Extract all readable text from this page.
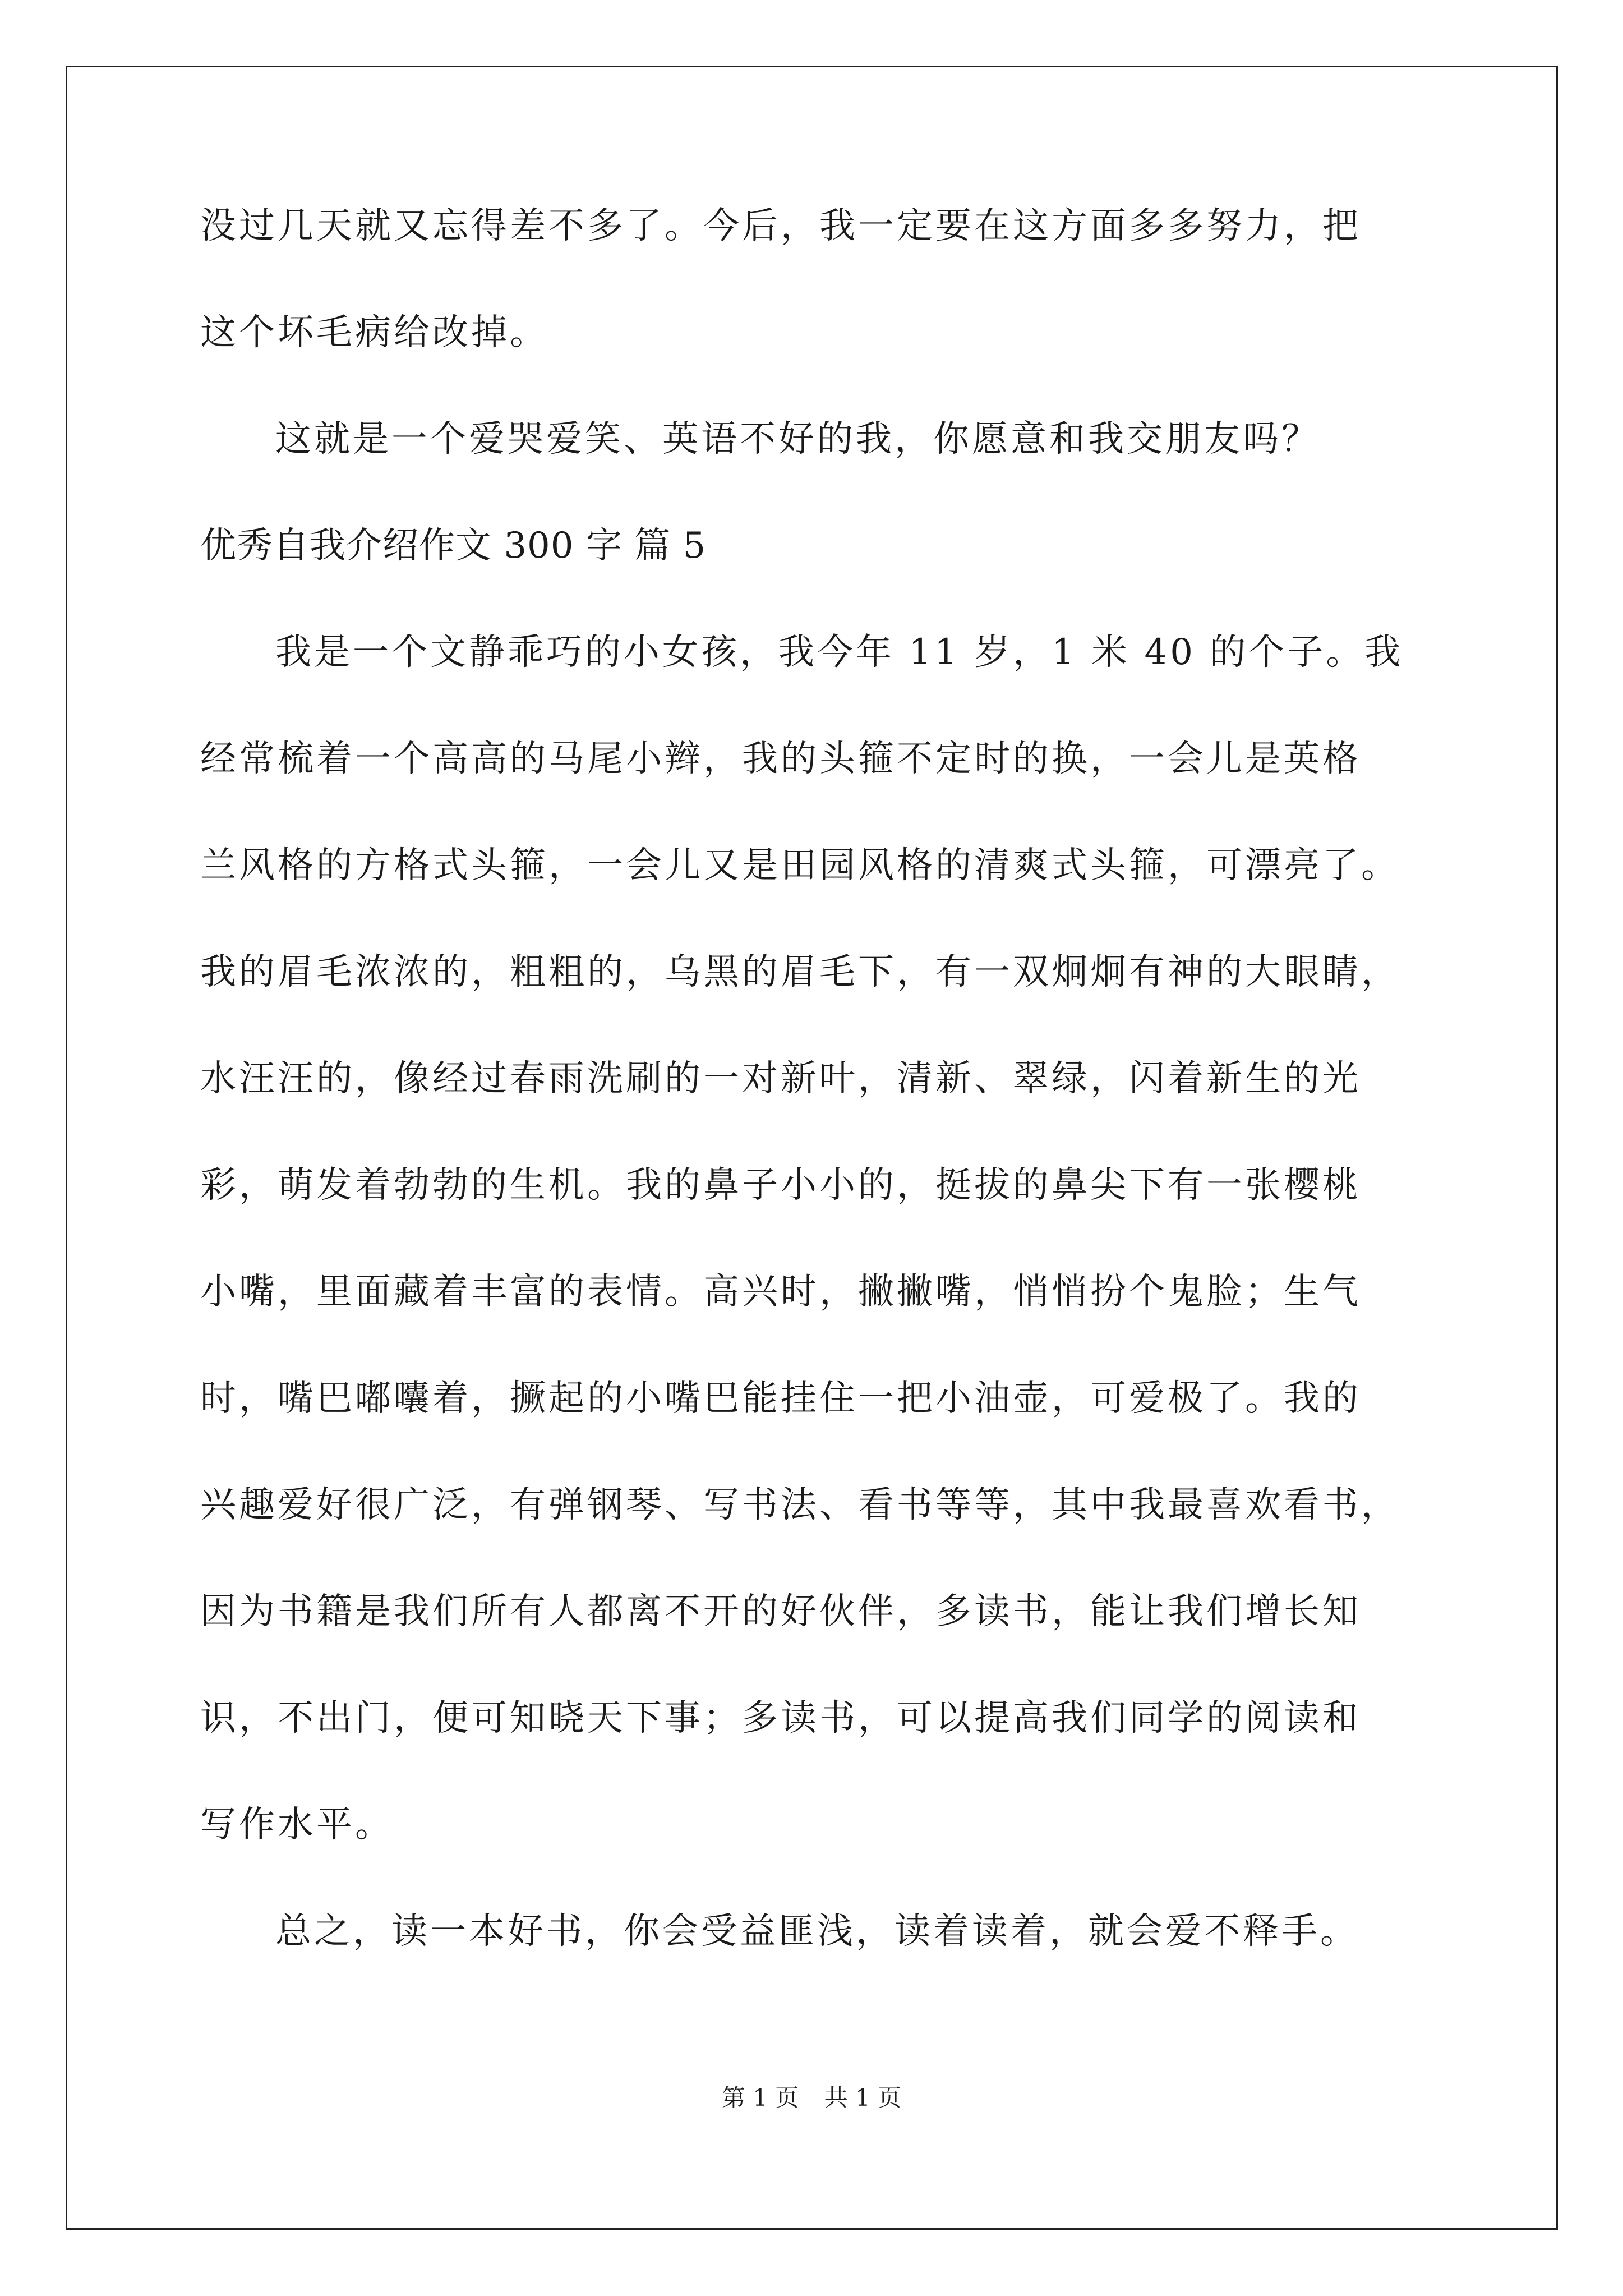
没过几天就又忘得差不多了。今后，我一定要在这方面多多努力，把
这个坏毛病给改掉。
这就是一个爱哭爱笑、英语不好的我，你愿意和我交朋友吗？
优秀自我介绍作文 300 字 篇 5
我是一个文静乖巧的小女孩，我今年 11 岁，1 米 40 的个子。我
经常梳着一个高高的马尾小辫，我的头箍不定时的换，一会儿是英格
兰风格的方格式头箍，一会儿又是田园风格的清爽式头箍，可漂亮了。
我的眉毛浓浓的，粗粗的，乌黑的眉毛下，有一双炯炯有神的大眼睛，
水汪汪的，像经过春雨洗刷的一对新叶，清新、翠绿，闪着新生的光
彩，萌发着勃勃的生机。我的鼻子小小的，挺拔的鼻尖下有一张樱桃
小嘴，里面藏着丰富的表情。高兴时，撇撇嘴，悄悄扮个鬼脸；生气
时，嘴巴嘟囔着，撅起的小嘴巴能挂住一把小油壶，可爱极了。我的
兴趣爱好很广泛，有弹钢琴、写书法、看书等等，其中我最喜欢看书，
因为书籍是我们所有人都离不开的好伙伴，多读书，能让我们增长知
识，不出门，便可知晓天下事；多读书，可以提高我们同学的阅读和
写作水平。
总之，读一本好书，你会受益匪浅，读着读着，就会爱不释手。
第 1 页 共 1 页
